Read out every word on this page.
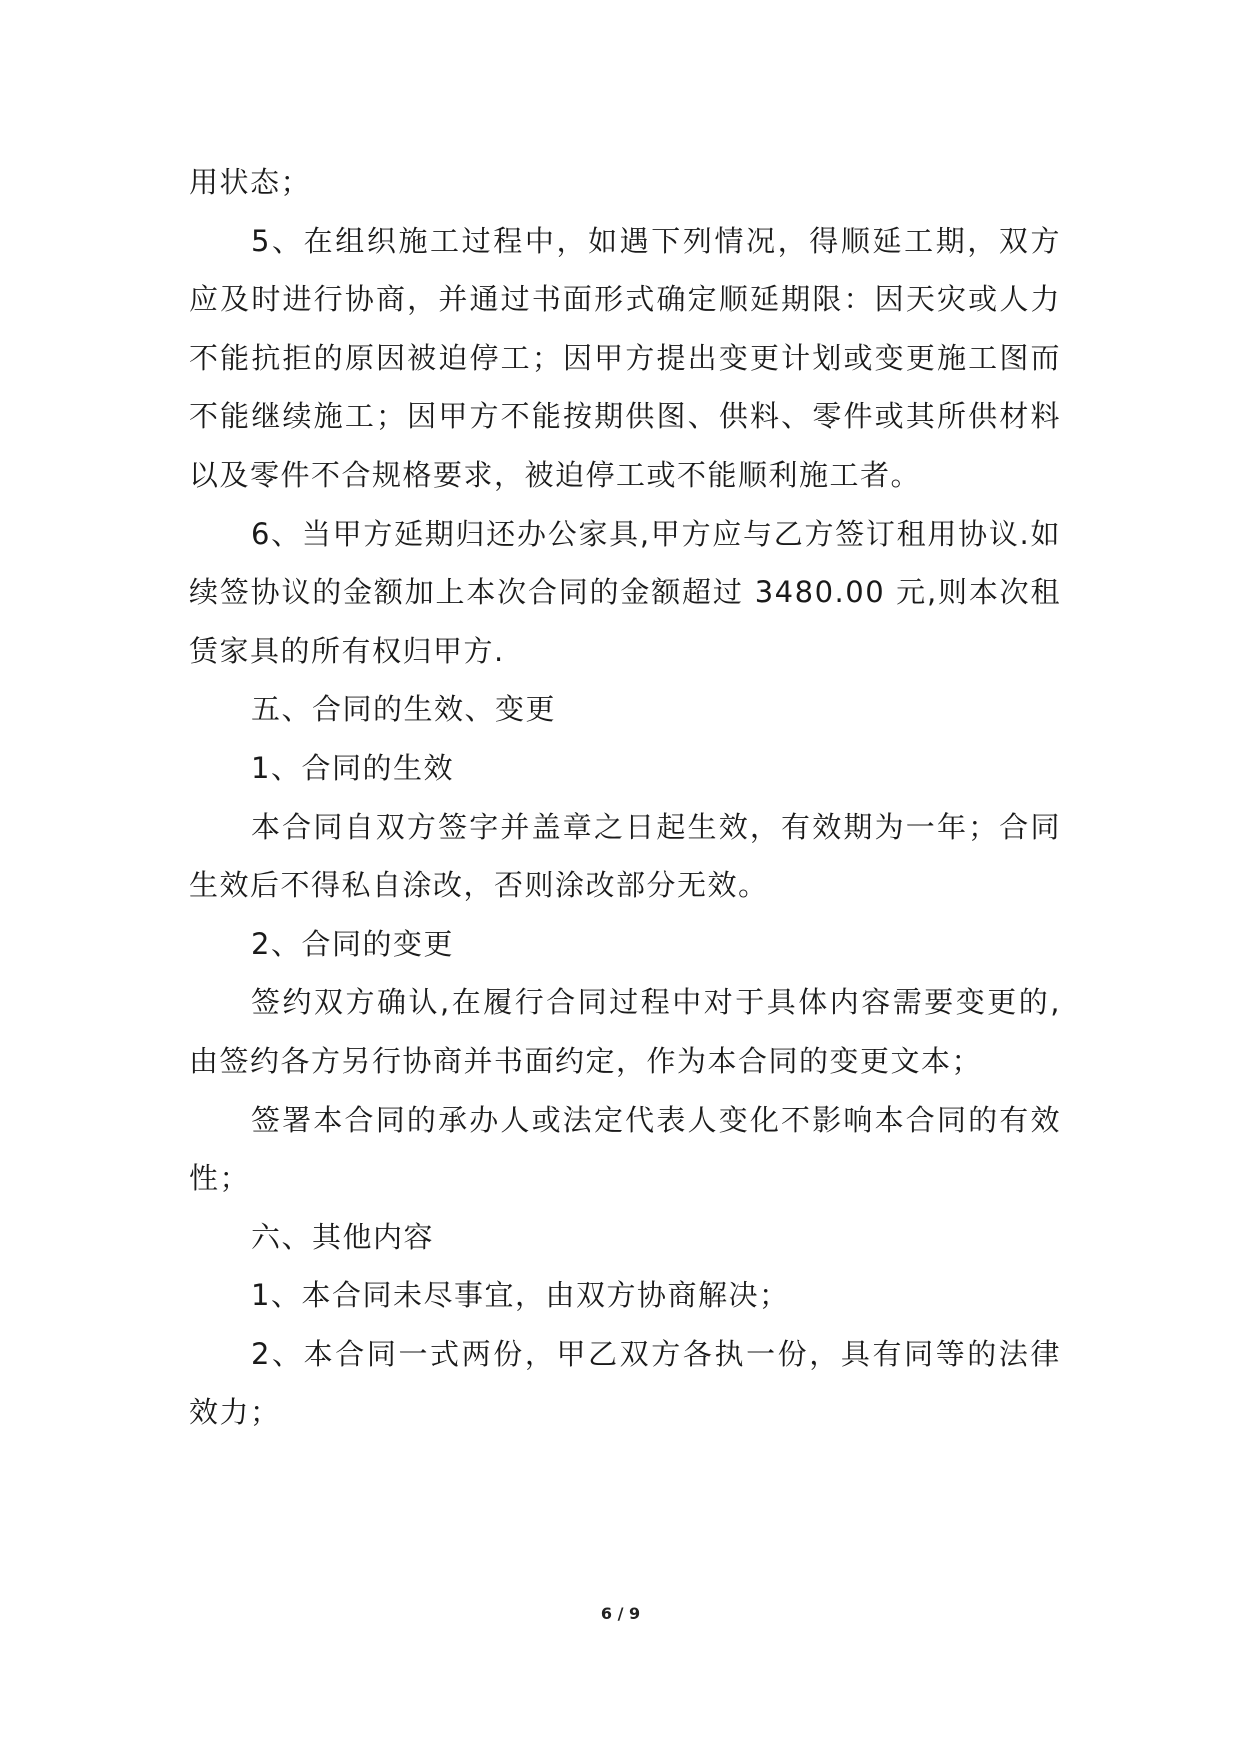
用状态；

5、在组织施工过程中，如遇下列情况，得顺延工期，双方应及时进行协商，并通过书面形式确定顺延期限：因天灾或人力不能抗拒的原因被迫停工；因甲方提出变更计划或变更施工图而不能继续施工；因甲方不能按期供图、供料、零件或其所供材料以及零件不合规格要求，被迫停工或不能顺利施工者。

6、当甲方延期归还办公家具,甲方应与乙方签订租用协议.如续签协议的金额加上本次合同的金额超过 3480.00 元,则本次租赁家具的所有权归甲方.

五、合同的生效、变更

1、合同的生效

本合同自双方签字并盖章之日起生效，有效期为一年；合同生效后不得私自涂改，否则涂改部分无效。

2、合同的变更

签约双方确认,在履行合同过程中对于具体内容需要变更的,由签约各方另行协商并书面约定，作为本合同的变更文本；

签署本合同的承办人或法定代表人变化不影响本合同的有效性；

六、其他内容

1、本合同未尽事宜，由双方协商解决；

2、本合同一式两份，甲乙双方各执一份，具有同等的法律效力；

6 / 9
